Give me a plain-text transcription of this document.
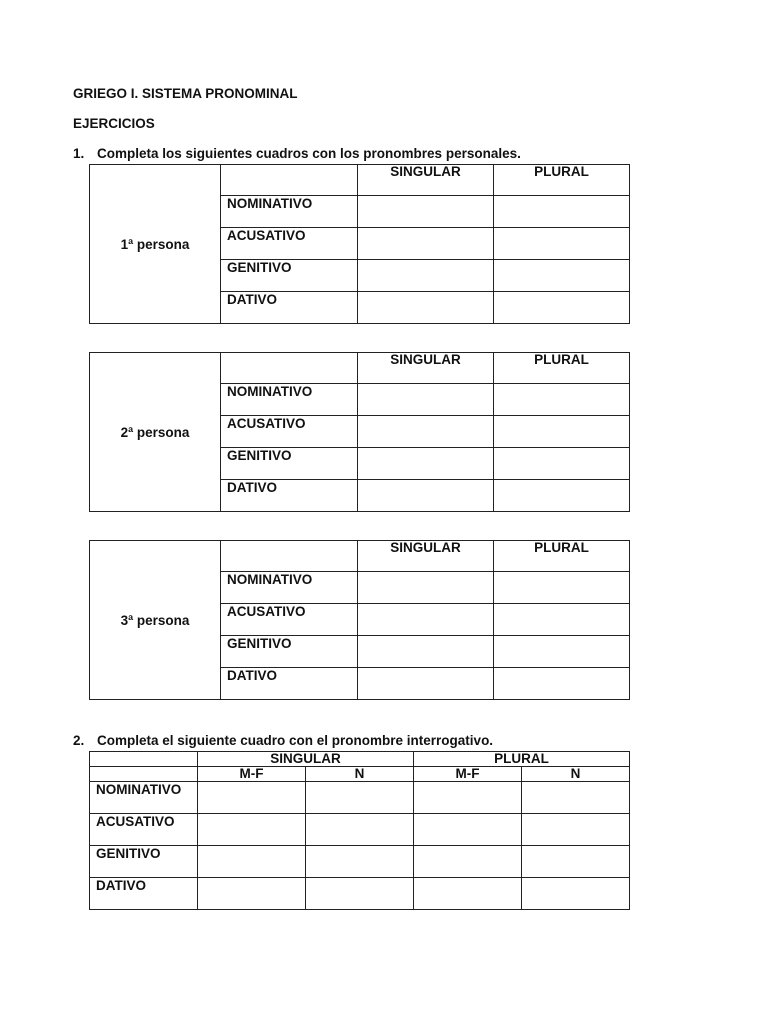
GRIEGO I. SISTEMA PRONOMINAL
EJERCICIOS
1. Completa los siguientes cuadros con los pronombres personales.
1ª persona		SINGULAR	PLURAL
	NOMINATIVO		
	ACUSATIVO		
	GENITIVO		
	DATIVO		
2ª persona		SINGULAR	PLURAL
	NOMINATIVO		
	ACUSATIVO		
	GENITIVO		
	DATIVO		
3ª persona		SINGULAR	PLURAL
	NOMINATIVO		
	ACUSATIVO		
	GENITIVO		
	DATIVO		
2. Completa el siguiente cuadro con el pronombre interrogativo.
	SINGULAR		PLURAL	
	M-F	N	M-F	N
NOMINATIVO				
ACUSATIVO				
GENITIVO				
DATIVO				
